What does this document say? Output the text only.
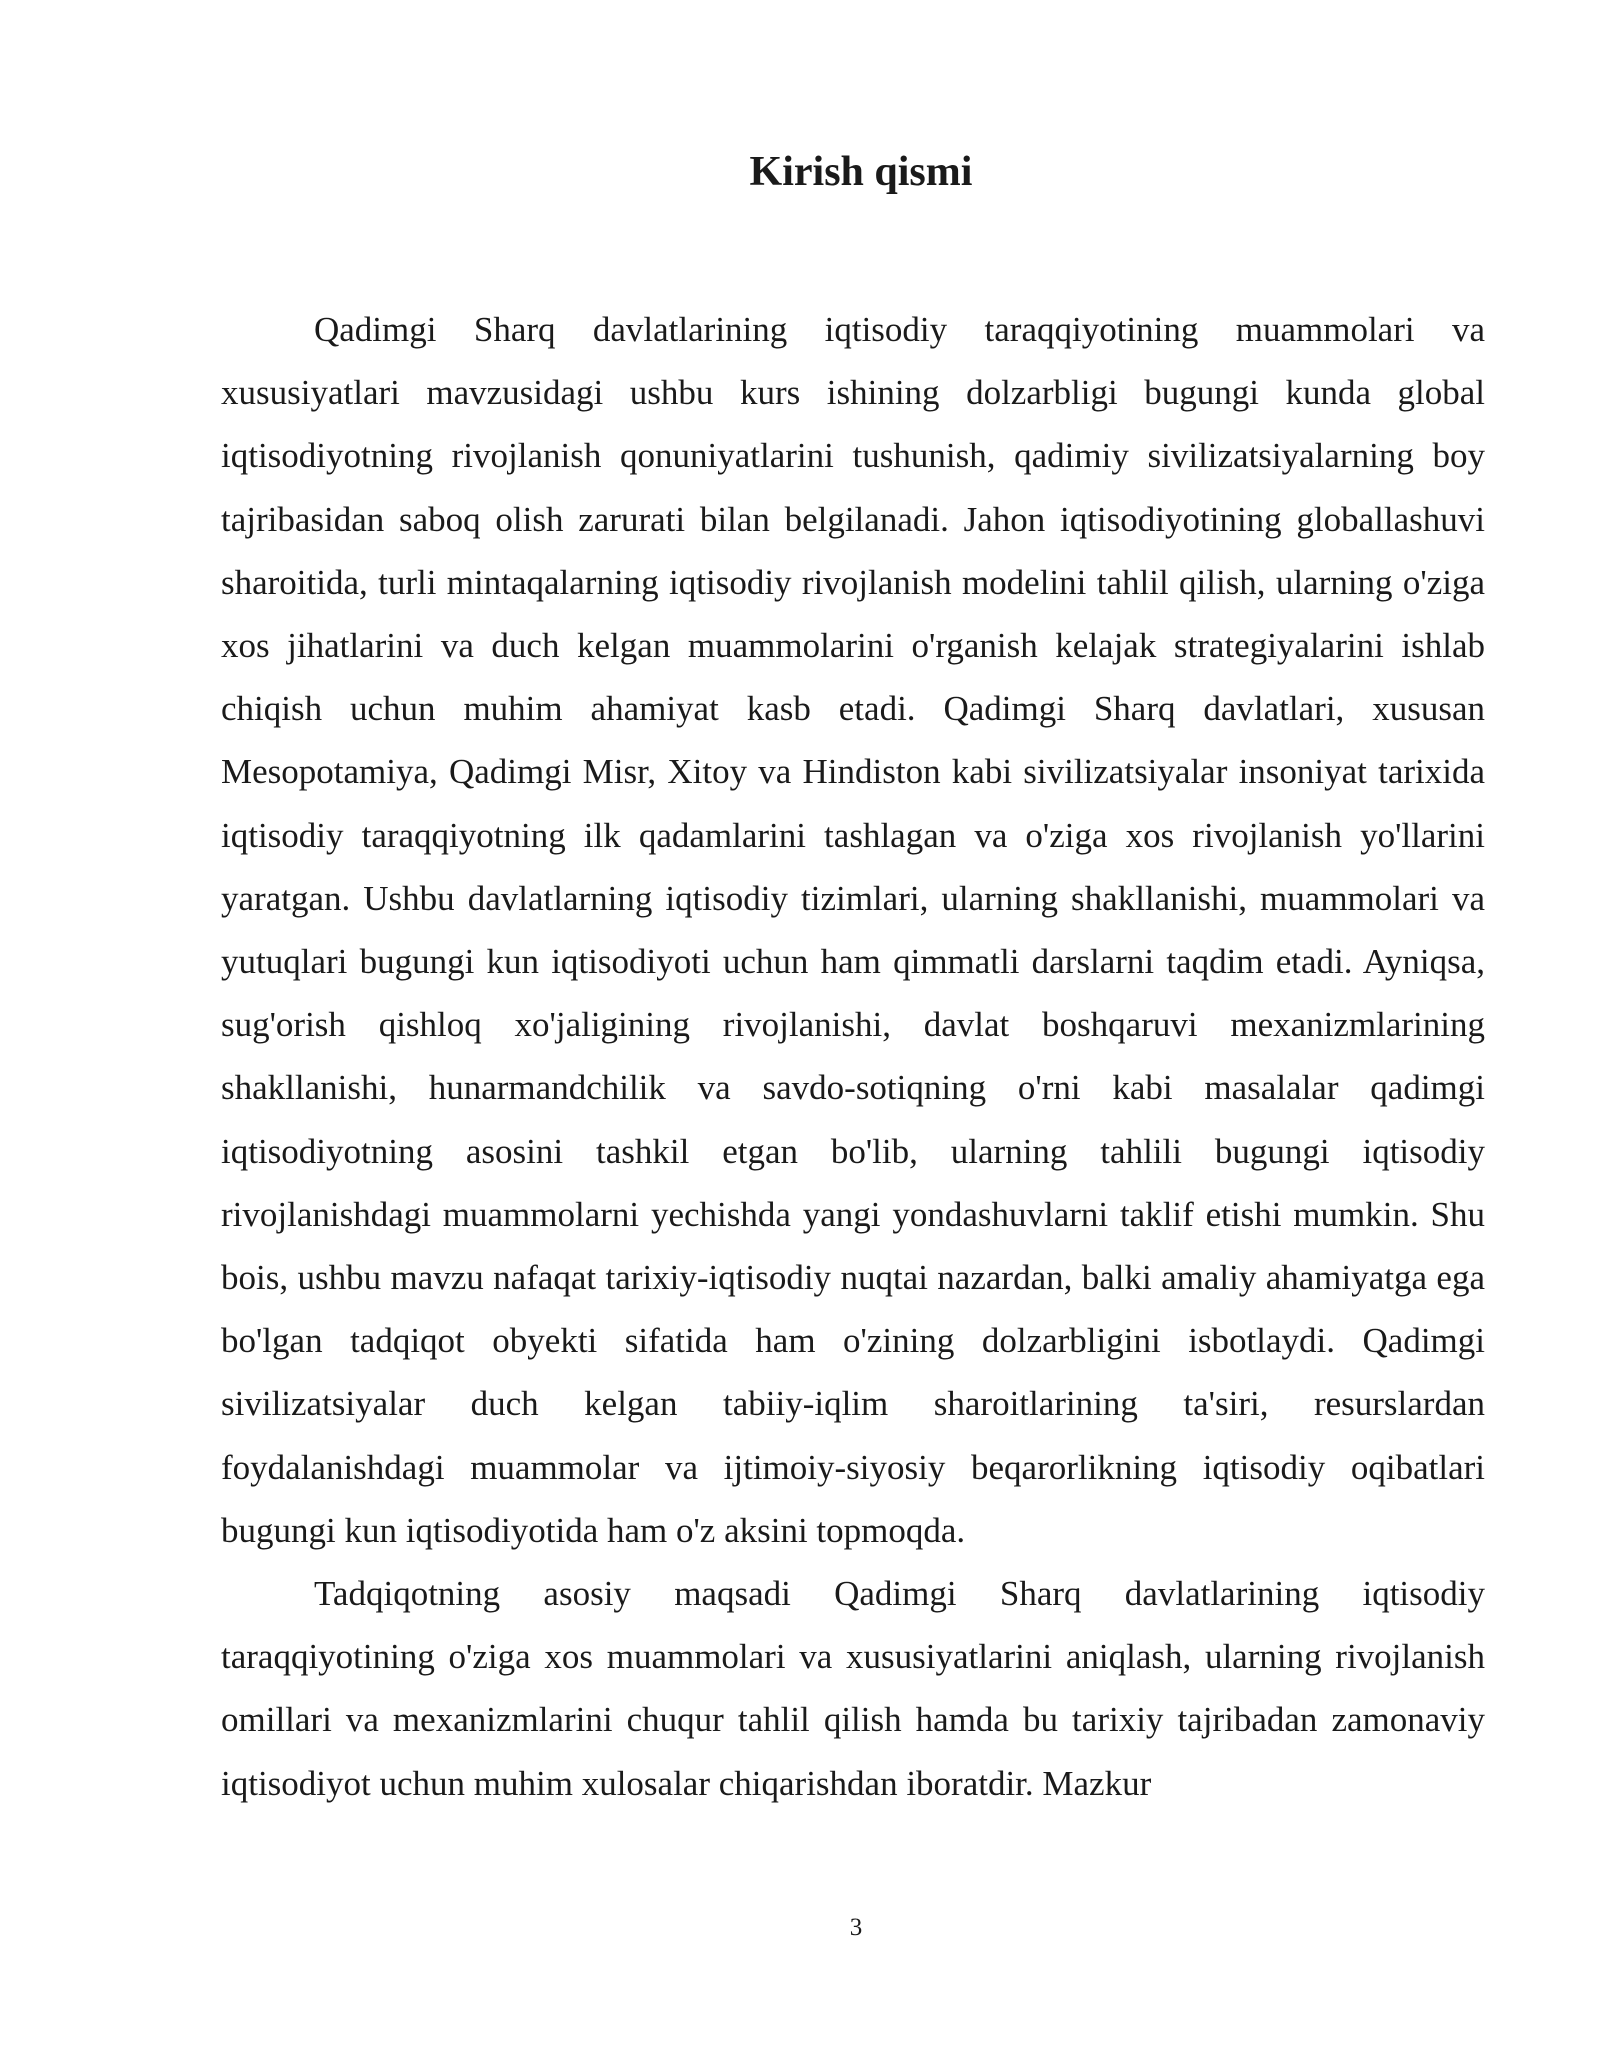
Kirish qismi

Qadimgi Sharq davlatlarining iqtisodiy taraqqiyotining muammolari va xususiyatlari mavzusidagi ushbu kurs ishining dolzarbligi bugungi kunda global iqtisodiyotning rivojlanish qonuniyatlarini tushunish, qadimiy sivilizatsiyalarning boy tajribasidan saboq olish zarurati bilan belgilanadi. Jahon iqtisodiyotining globallashuvi sharoitida, turli mintaqalarning iqtisodiy rivojlanish modelini tahlil qilish, ularning o'ziga xos jihatlarini va duch kelgan muammolarini o'rganish kelajak strategiyalarini ishlab chiqish uchun muhim ahamiyat kasb etadi. Qadimgi Sharq davlatlari, xususan Mesopotamiya, Qadimgi Misr, Xitoy va Hindiston kabi sivilizatsiyalar insoniyat tarixida iqtisodiy taraqqiyotning ilk qadamlarini tashlagan va o'ziga xos rivojlanish yo'llarini yaratgan. Ushbu davlatlarning iqtisodiy tizimlari, ularning shakllanishi, muammolari va yutuqlari bugungi kun iqtisodiyoti uchun ham qimmatli darslarni taqdim etadi. Ayniqsa, sug'orish qishloq xo'jaligining rivojlanishi, davlat boshqaruvi mexanizmlarining shakllanishi, hunarmandchilik va savdo-sotiqning o'rni kabi masalalar qadimgi iqtisodiyotning asosini tashkil etgan bo'lib, ularning tahlili bugungi iqtisodiy rivojlanishdagi muammolarni yechishda yangi yondashuvlarni taklif etishi mumkin. Shu bois, ushbu mavzu nafaqat tarixiy-iqtisodiy nuqtai nazardan, balki amaliy ahamiyatga ega bo'lgan tadqiqot obyekti sifatida ham o'zining dolzarbligini isbotlaydi. Qadimgi sivilizatsiyalar duch kelgan tabiiy-iqlim sharoitlarining ta'siri, resurslardan foydalanishdagi muammolar va ijtimoiy-siyosiy beqarorlikning iqtisodiy oqibatlari bugungi kun iqtisodiyotida ham o'z aksini topmoqda.

Tadqiqotning asosiy maqsadi Qadimgi Sharq davlatlarining iqtisodiy taraqqiyotining o'ziga xos muammolari va xususiyatlarini aniqlash, ularning rivojlanish omillari va mexanizmlarini chuqur tahlil qilish hamda bu tarixiy tajribadan zamonaviy iqtisodiyot uchun muhim xulosalar chiqarishdan iboratdir. Mazkur

3
